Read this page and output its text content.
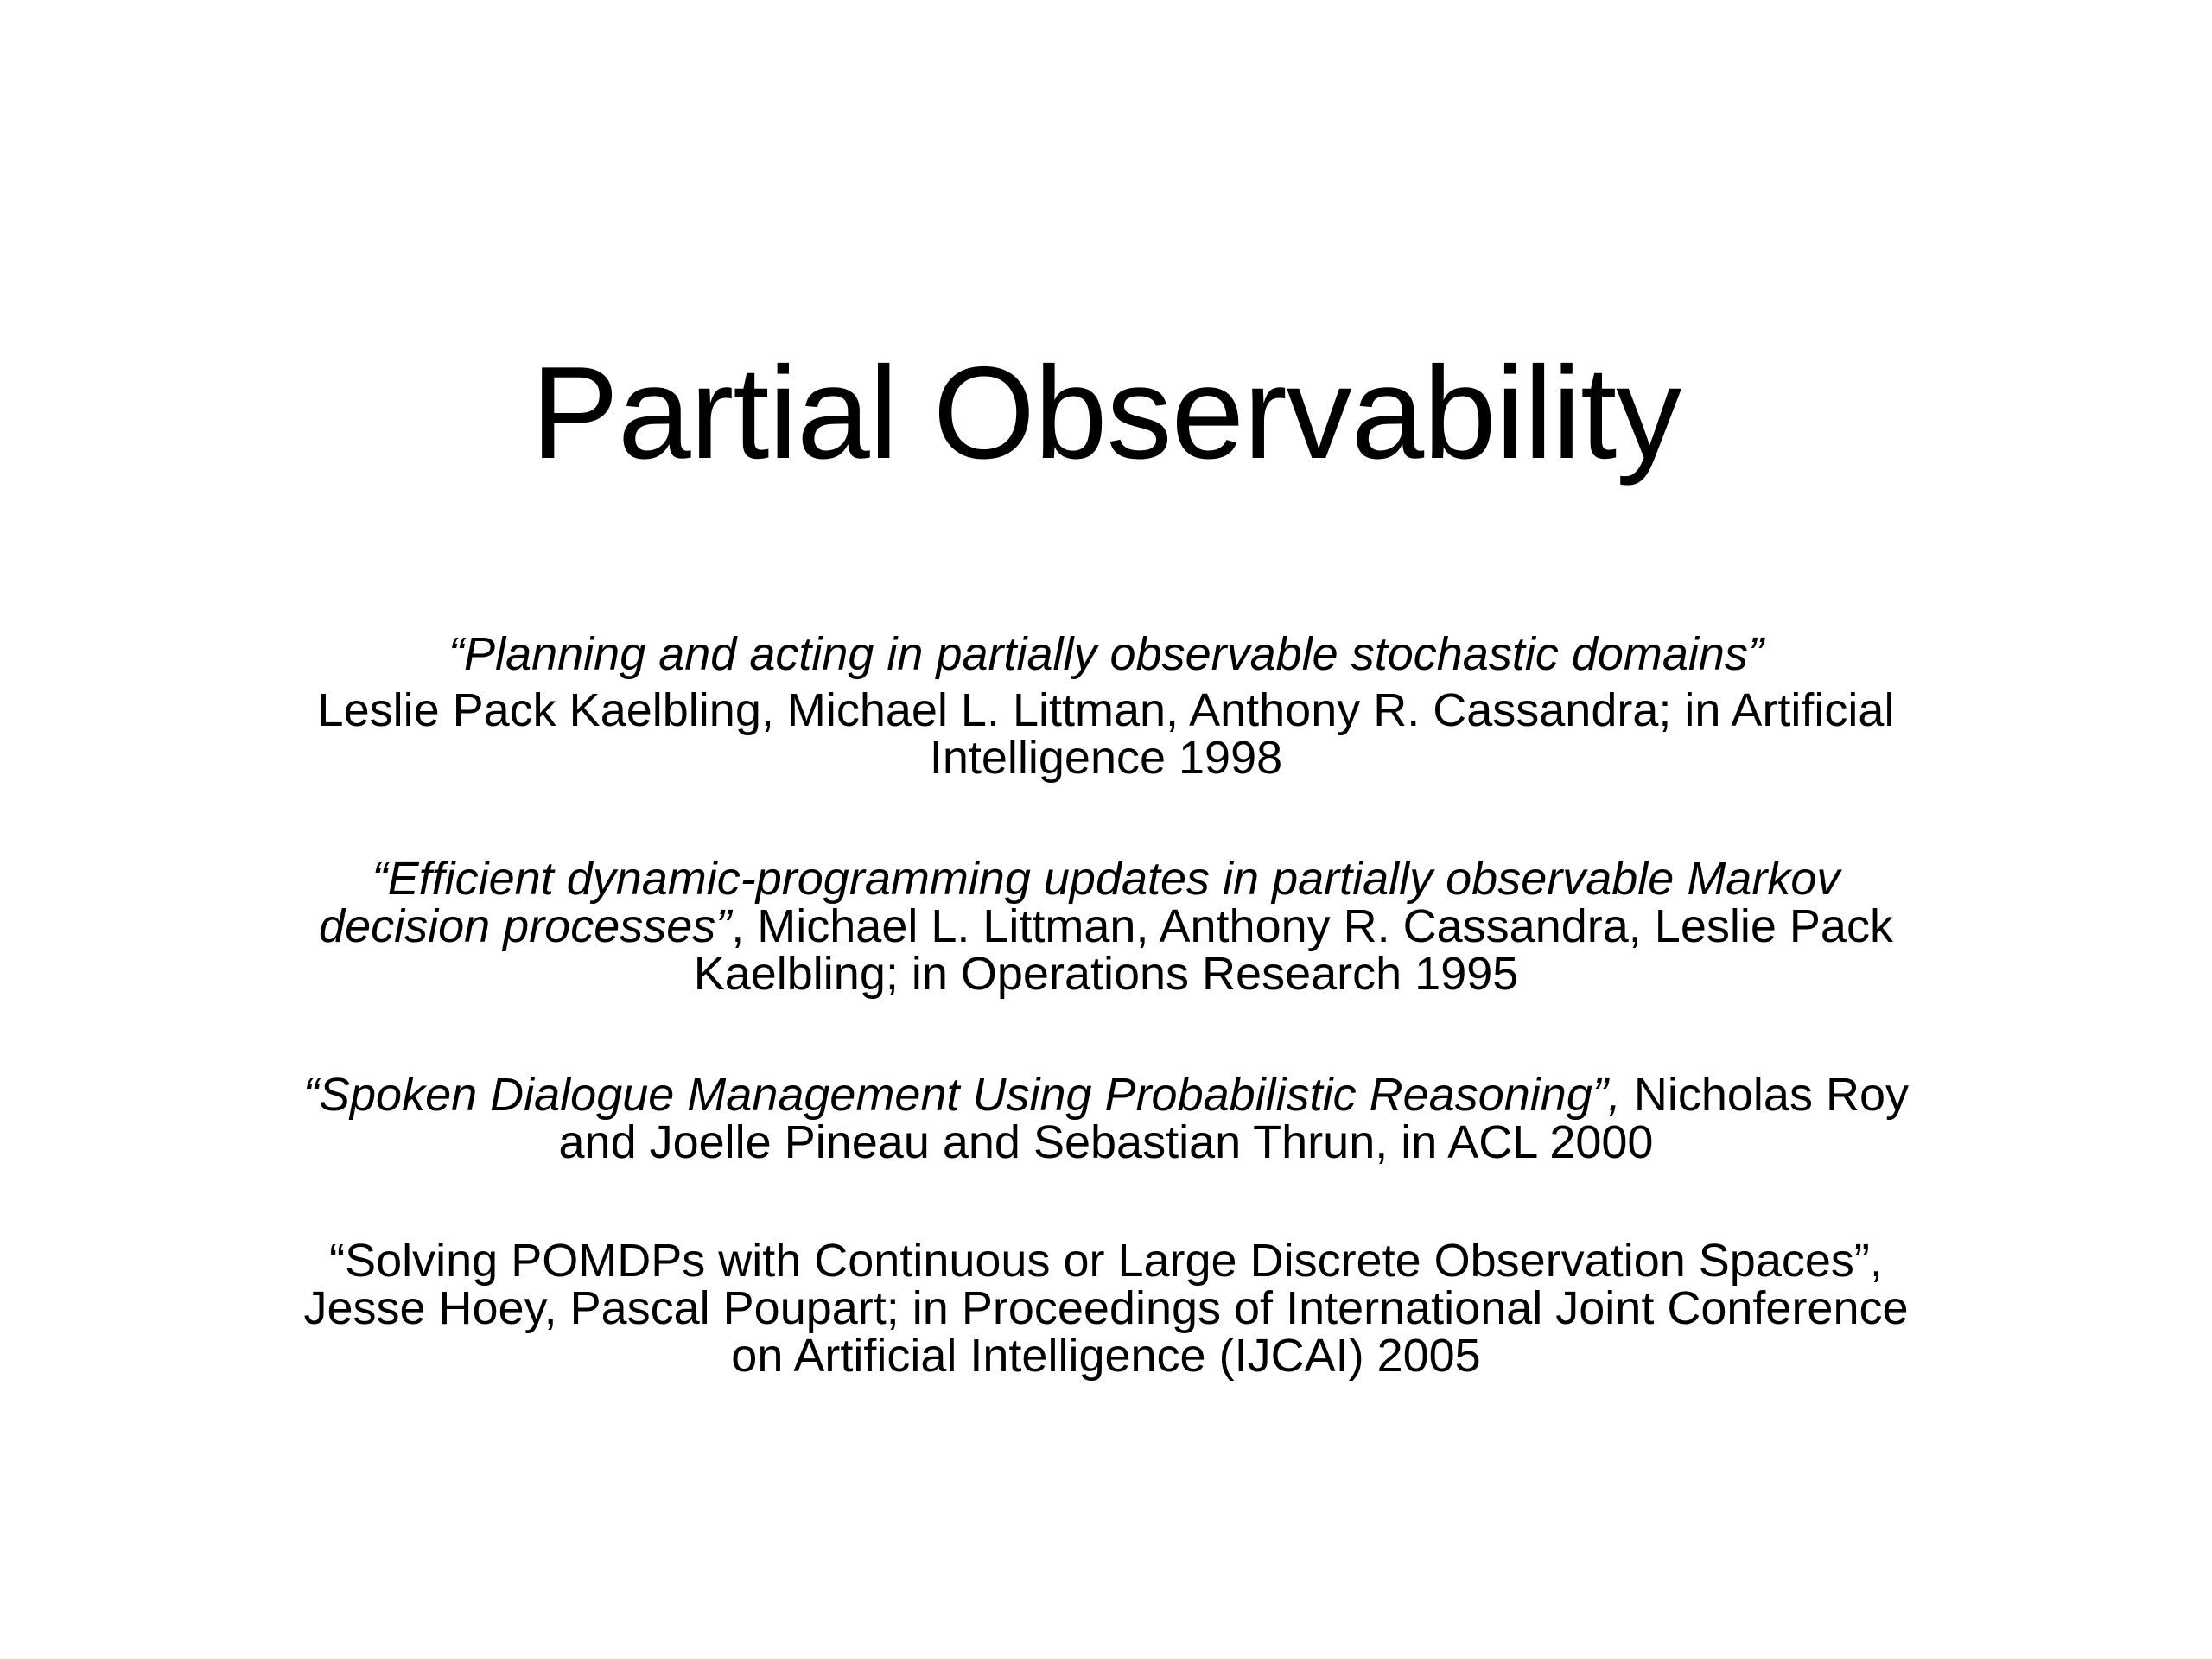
Partial Observability

“Planning and acting in partially observable stochastic domains”
Leslie Pack Kaelbling, Michael L. Littman, Anthony R. Cassandra; in Artificial Intelligence 1998

“Efficient dynamic-programming updates in partially observable Markov decision processes”, Michael L. Littman, Anthony R. Cassandra, Leslie Pack Kaelbling; in Operations Research 1995

“Spoken Dialogue Management Using Probabilistic Reasoning”, Nicholas Roy and Joelle Pineau and Sebastian Thrun, in ACL 2000

“Solving POMDPs with Continuous or Large Discrete Observation Spaces”, Jesse Hoey, Pascal Poupart; in Proceedings of International Joint Conference on Artificial Intelligence (IJCAI) 2005
